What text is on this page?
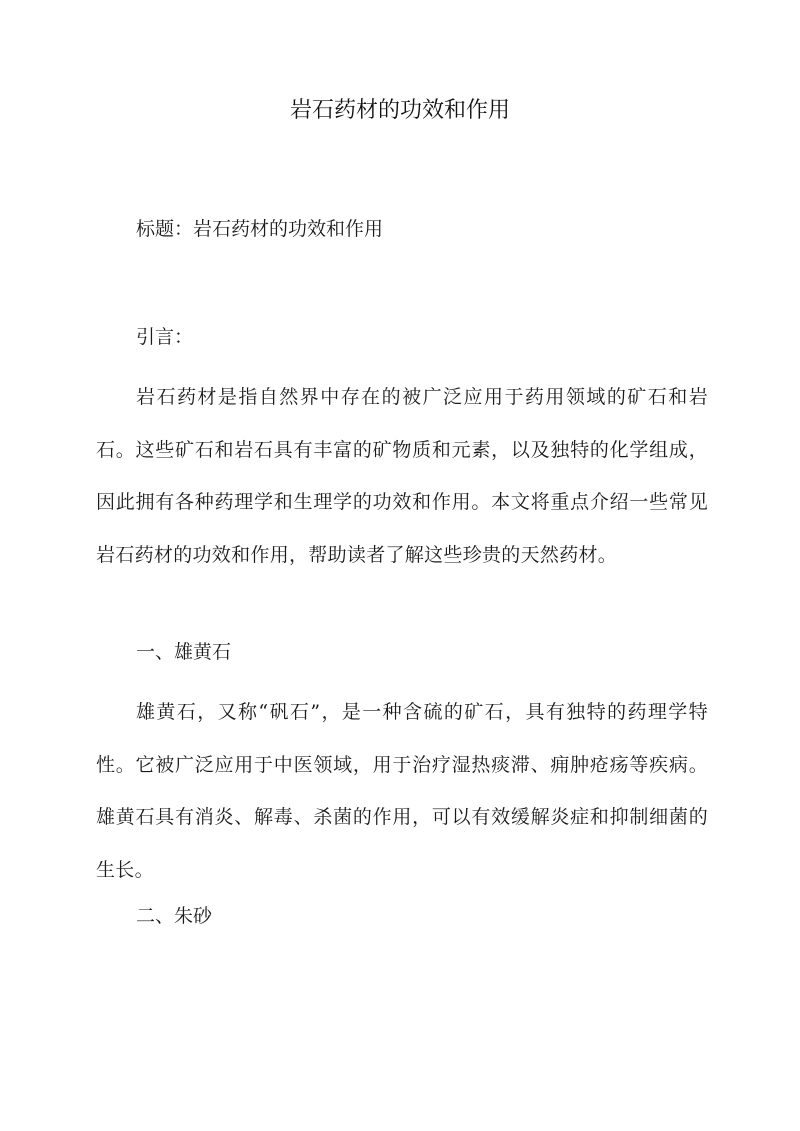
岩石药材的功效和作用
标题：岩石药材的功效和作用
引言：
岩石药材是指自然界中存在的被广泛应用于药用领域的矿石和岩石。这些矿石和岩石具有丰富的矿物质和元素，以及独特的化学组成，因此拥有各种药理学和生理学的功效和作用。本文将重点介绍一些常见岩石药材的功效和作用，帮助读者了解这些珍贵的天然药材。
一、雄黄石
雄黄石，又称“矾石”，是一种含硫的矿石，具有独特的药理学特性。它被广泛应用于中医领域，用于治疗湿热痰滞、痈肿疮疡等疾病。雄黄石具有消炎、解毒、杀菌的作用，可以有效缓解炎症和抑制细菌的生长。
二、朱砂
